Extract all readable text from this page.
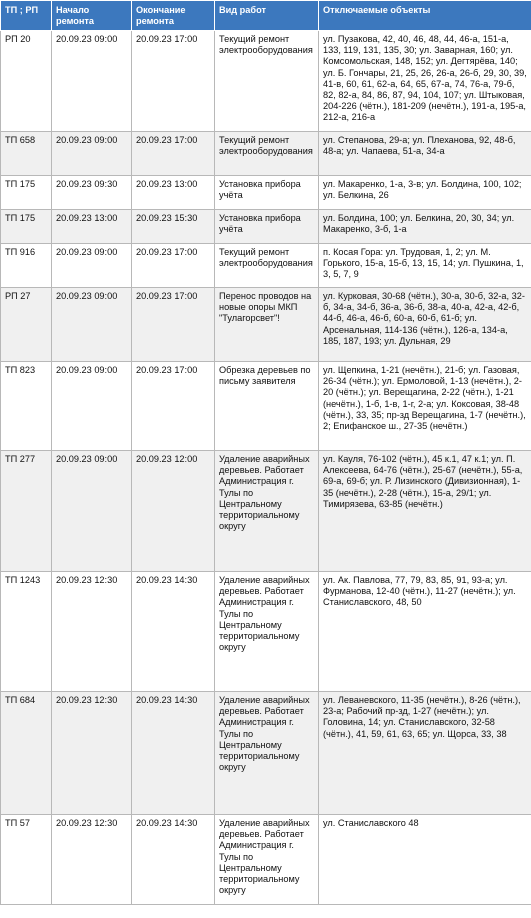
ТП ; РП	Начало ремонта	Окончание ремонта	Вид работ	Отключаемые объекты
РП 20	20.09.23 09:00	20.09.23 17:00	Текущий ремонт электрооборудования	ул. Пузакова, 42, 40, 46, 48, 44, 46-а, 151-а, 133, 119, 131, 135, 30; ул. Заварная, 160; ул. Комсомольская, 148, 152; ул. Дегтярёва, 140; ул. Б. Гончары, 21, 25, 26, 26-а, 26-б, 29, 30, 39, 41-в, 60, 61, 62-а, 64, 65, 67-а, 74, 76-а, 79-б, 82, 82-а, 84, 86, 87, 94, 104, 107; ул. Штыковая, 204-226 (чётн.), 181-209 (нечётн.), 191-а, 195-а, 212-а, 216-а
ТП 658	20.09.23 09:00	20.09.23 17:00	Текущий ремонт электрооборудования	ул. Степанова, 29-а; ул. Плеханова, 92, 48-б, 48-а; ул. Чапаева, 51-а, 34-а
ТП 175	20.09.23 09:30	20.09.23 13:00	Установка прибора учёта	ул. Макаренко, 1-а, 3-в; ул. Болдина, 100, 102; ул. Белкина, 26
ТП 175	20.09.23 13:00	20.09.23 15:30	Установка прибора учёта	ул. Болдина, 100; ул. Белкина, 20, 30, 34; ул. Макаренко, 3-б, 1-а
ТП 916	20.09.23 09:00	20.09.23 17:00	Текущий ремонт электрооборудования	п. Косая Гора: ул. Трудовая, 1, 2; ул. М. Горького, 15-а, 15-б, 13, 15, 14; ул. Пушкина, 1, 3, 5, 7, 9
РП 27	20.09.23 09:00	20.09.23 17:00	Перенос проводов на новые опоры МКП "Тулагорсвет"!	ул. Курковая, 30-68 (чётн.), 30-а, 30-б, 32-а, 32-б, 34-а, 34-б, 36-а, 36-б, 38-а, 40-а, 42-а, 42-б, 44-б, 46-а, 46-б, 60-а, 60-б, 61-б; ул. Арсенальная, 114-136 (чётн.), 126-а, 134-а, 185, 187, 193; ул. Дульная, 29
ТП 823	20.09.23 09:00	20.09.23 17:00	Обрезка деревьев по письму заявителя	ул. Щепкина, 1-21 (нечётн.), 21-б; ул. Газовая, 26-34 (чётн.); ул. Ермоловой, 1-13 (нечётн.), 2-20 (чётн.); ул. Верещагина, 2-22 (чётн.), 1-21 (нечётн.), 1-б, 1-в, 1-г, 2-а; ул. Коксовая, 38-48 (чётн.), 33, 35; пр-зд Верещагина, 1-7 (нечётн.), 2; Епифанское ш., 27-35 (нечётн.)
ТП 277	20.09.23 09:00	20.09.23 12:00	Удаление аварийных деревьев. Работает Администрация г. Тулы по Центральному территориальному округу	ул. Кауля, 76-102 (чётн.), 45 к.1, 47 к.1; ул. П. Алексеева, 64-76 (чётн.), 25-67 (нечётн.), 55-а, 69-а, 69-б; ул. Р. Лизинского (Дивизионная), 1-35 (нечётн.), 2-28 (чётн.), 15-а, 29/1; ул. Тимирязева, 63-85 (нечётн.)
ТП 1243	20.09.23 12:30	20.09.23 14:30	Удаление аварийных деревьев. Работает Администрация г. Тулы по Центральному территориальному округу	ул. Ак. Павлова, 77, 79, 83, 85, 91, 93-а; ул. Фурманова, 12-40 (чётн.), 11-27 (нечётн.); ул. Станиславского, 48, 50
ТП 684	20.09.23 12:30	20.09.23 14:30	Удаление аварийных деревьев. Работает Администрация г. Тулы по Центральному территориальному округу	ул. Леваневского, 11-35 (нечётн.), 8-26 (чётн.), 23-а; Рабочий пр-зд, 1-27 (нечётн.); ул. Головина, 14; ул. Станиславского, 32-58 (чётн.), 41, 59, 61, 63, 65; ул. Щорса, 33, 38
ТП 57	20.09.23 12:30	20.09.23 14:30	Удаление аварийных деревьев. Работает Администрация г. Тулы по Центральному территориальному округу	ул. Станиславского 48
